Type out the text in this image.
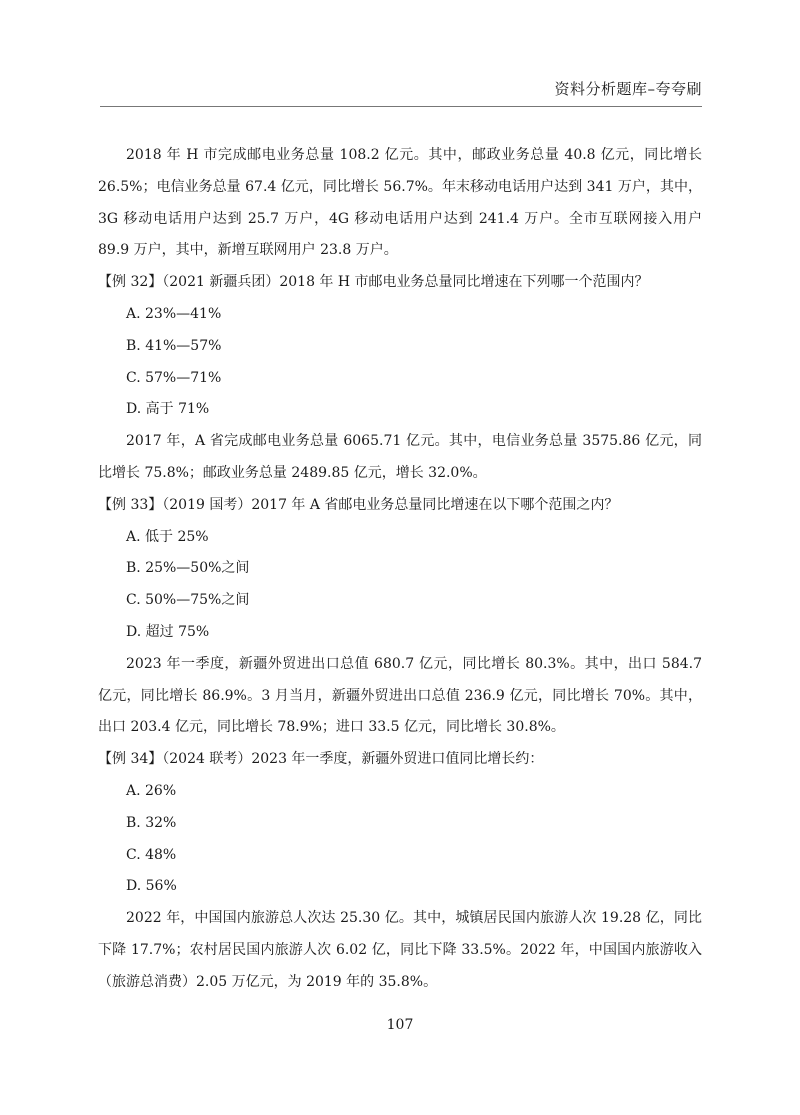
资料分析题库–夸夸刷

2018 年 H 市完成邮电业务总量 108.2 亿元。其中，邮政业务总量 40.8 亿元，同比增长 26.5%；电信业务总量 67.4 亿元，同比增长 56.7%。年末移动电话用户达到 341 万户，其中，3G 移动电话用户达到 25.7 万户，4G 移动电话用户达到 241.4 万户。全市互联网接入用户 89.9 万户，其中，新增互联网用户 23.8 万户。

【例 32】（2021 新疆兵团）2018 年 H 市邮电业务总量同比增速在下列哪一个范围内？

A. 23%—41%

B. 41%—57%

C. 57%—71%

D. 高于 71%

2017 年，A 省完成邮电业务总量 6065.71 亿元。其中，电信业务总量 3575.86 亿元，同比增长 75.8%；邮政业务总量 2489.85 亿元，增长 32.0%。

【例 33】（2019 国考）2017 年 A 省邮电业务总量同比增速在以下哪个范围之内？

A. 低于 25%

B. 25%—50%之间

C. 50%—75%之间

D. 超过 75%

2023 年一季度，新疆外贸进出口总值 680.7 亿元，同比增长 80.3%。其中，出口 584.7 亿元，同比增长 86.9%。3 月当月，新疆外贸进出口总值 236.9 亿元，同比增长 70%。其中，出口 203.4 亿元，同比增长 78.9%；进口 33.5 亿元，同比增长 30.8%。

【例 34】（2024 联考）2023 年一季度，新疆外贸进口值同比增长约：

A. 26%

B. 32%

C. 48%

D. 56%

2022 年，中国国内旅游总人次达 25.30 亿。其中，城镇居民国内旅游人次 19.28 亿，同比下降 17.7%；农村居民国内旅游人次 6.02 亿，同比下降 33.5%。2022 年，中国国内旅游收入（旅游总消费）2.05 万亿元，为 2019 年的 35.8%。

107
